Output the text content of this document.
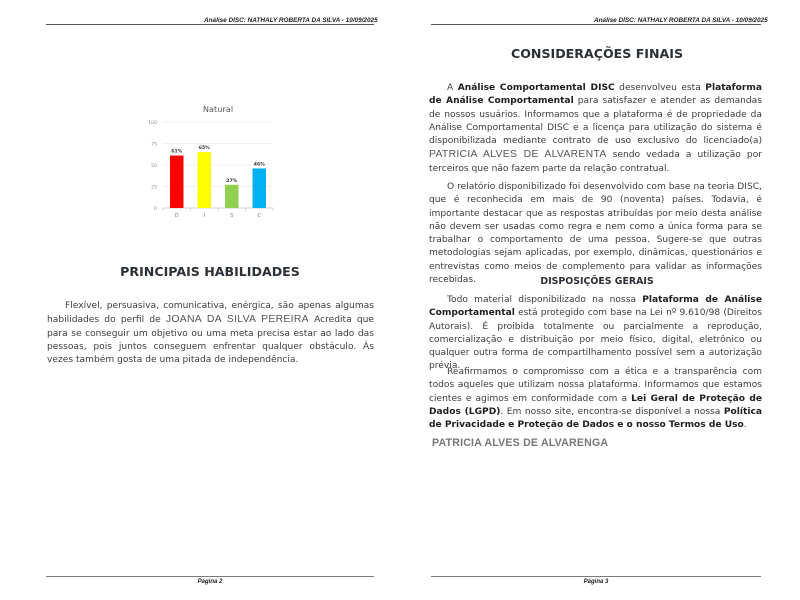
Análise DISC: NATHALY ROBERTA DA SILVA - 10/09/2025
Natural
0
25
50
75
100
61%
D
65%
I
27%
S
46%
C
PRINCIPAIS HABILIDADES
Flexível, persuasiva, comunicativa, enérgica, são apenas algumas habilidades do perfil de JOANA DA SILVA PEREIRA Acredita que para se conseguir um objetivo ou uma meta precisa estar ao lado das pessoas, pois juntos conseguem enfrentar qualquer obstáculo. Às vezes também gosta de uma pitada de independência.
Página 2
Análise DISC: NATHALY ROBERTA DA SILVA - 10/09/2025
CONSIDERAÇÕES FINAIS
A Análise Comportamental DISC desenvolveu esta Plataforma de Análise Comportamental para satisfazer e atender as demandas de nossos usuários. Informamos que a plataforma é de propriedade da Análise Comportamental DISC e a licença para utilização do sistema é disponibilizada mediante contrato de uso exclusivo do licenciado(a) PATRICIA ALVES DE ALVARENTA sendo vedada a utilização por terceiros que não fazem parte da relação contratual.
O relatório disponibilizado foi desenvolvido com base na teoria DISC, que é reconhecida em mais de 90 (noventa) países. Todavia, é importante destacar que as respostas atribuídas por meio desta análise não devem ser usadas como regra e nem como a única forma para se trabalhar o comportamento de uma pessoa. Sugere-se que outras metodologias sejam aplicadas, por exemplo, dinâmicas, questionários e entrevistas como meios de complemento para validar as informações recebidas.	DISPOSIÇÕES GERAIS
Todo material disponibilizado na nossa Plataforma de Análise Comportamental está protegido com base na Lei nº 9.610/98 (Direitos Autorais). É proibida totalmente ou parcialmente a reprodução, comercialização e distribuição por meio físico, digital, eletrônico ou qualquer outra forma de compartilhamento possível sem a autorização prévia.
Reafirmamos o compromisso com a ética e a transparência com todos aqueles que utilizam nossa plataforma. Informamos que estamos cientes e agimos em conformidade com a Lei Geral de Proteção de Dados (LGPD). Em nosso site, encontra-se disponível a nossa Política de Privacidade e Proteção de Dados e o nosso Termos de Uso.
PATRICIA ALVES DE ALVARENGA
Página 3
